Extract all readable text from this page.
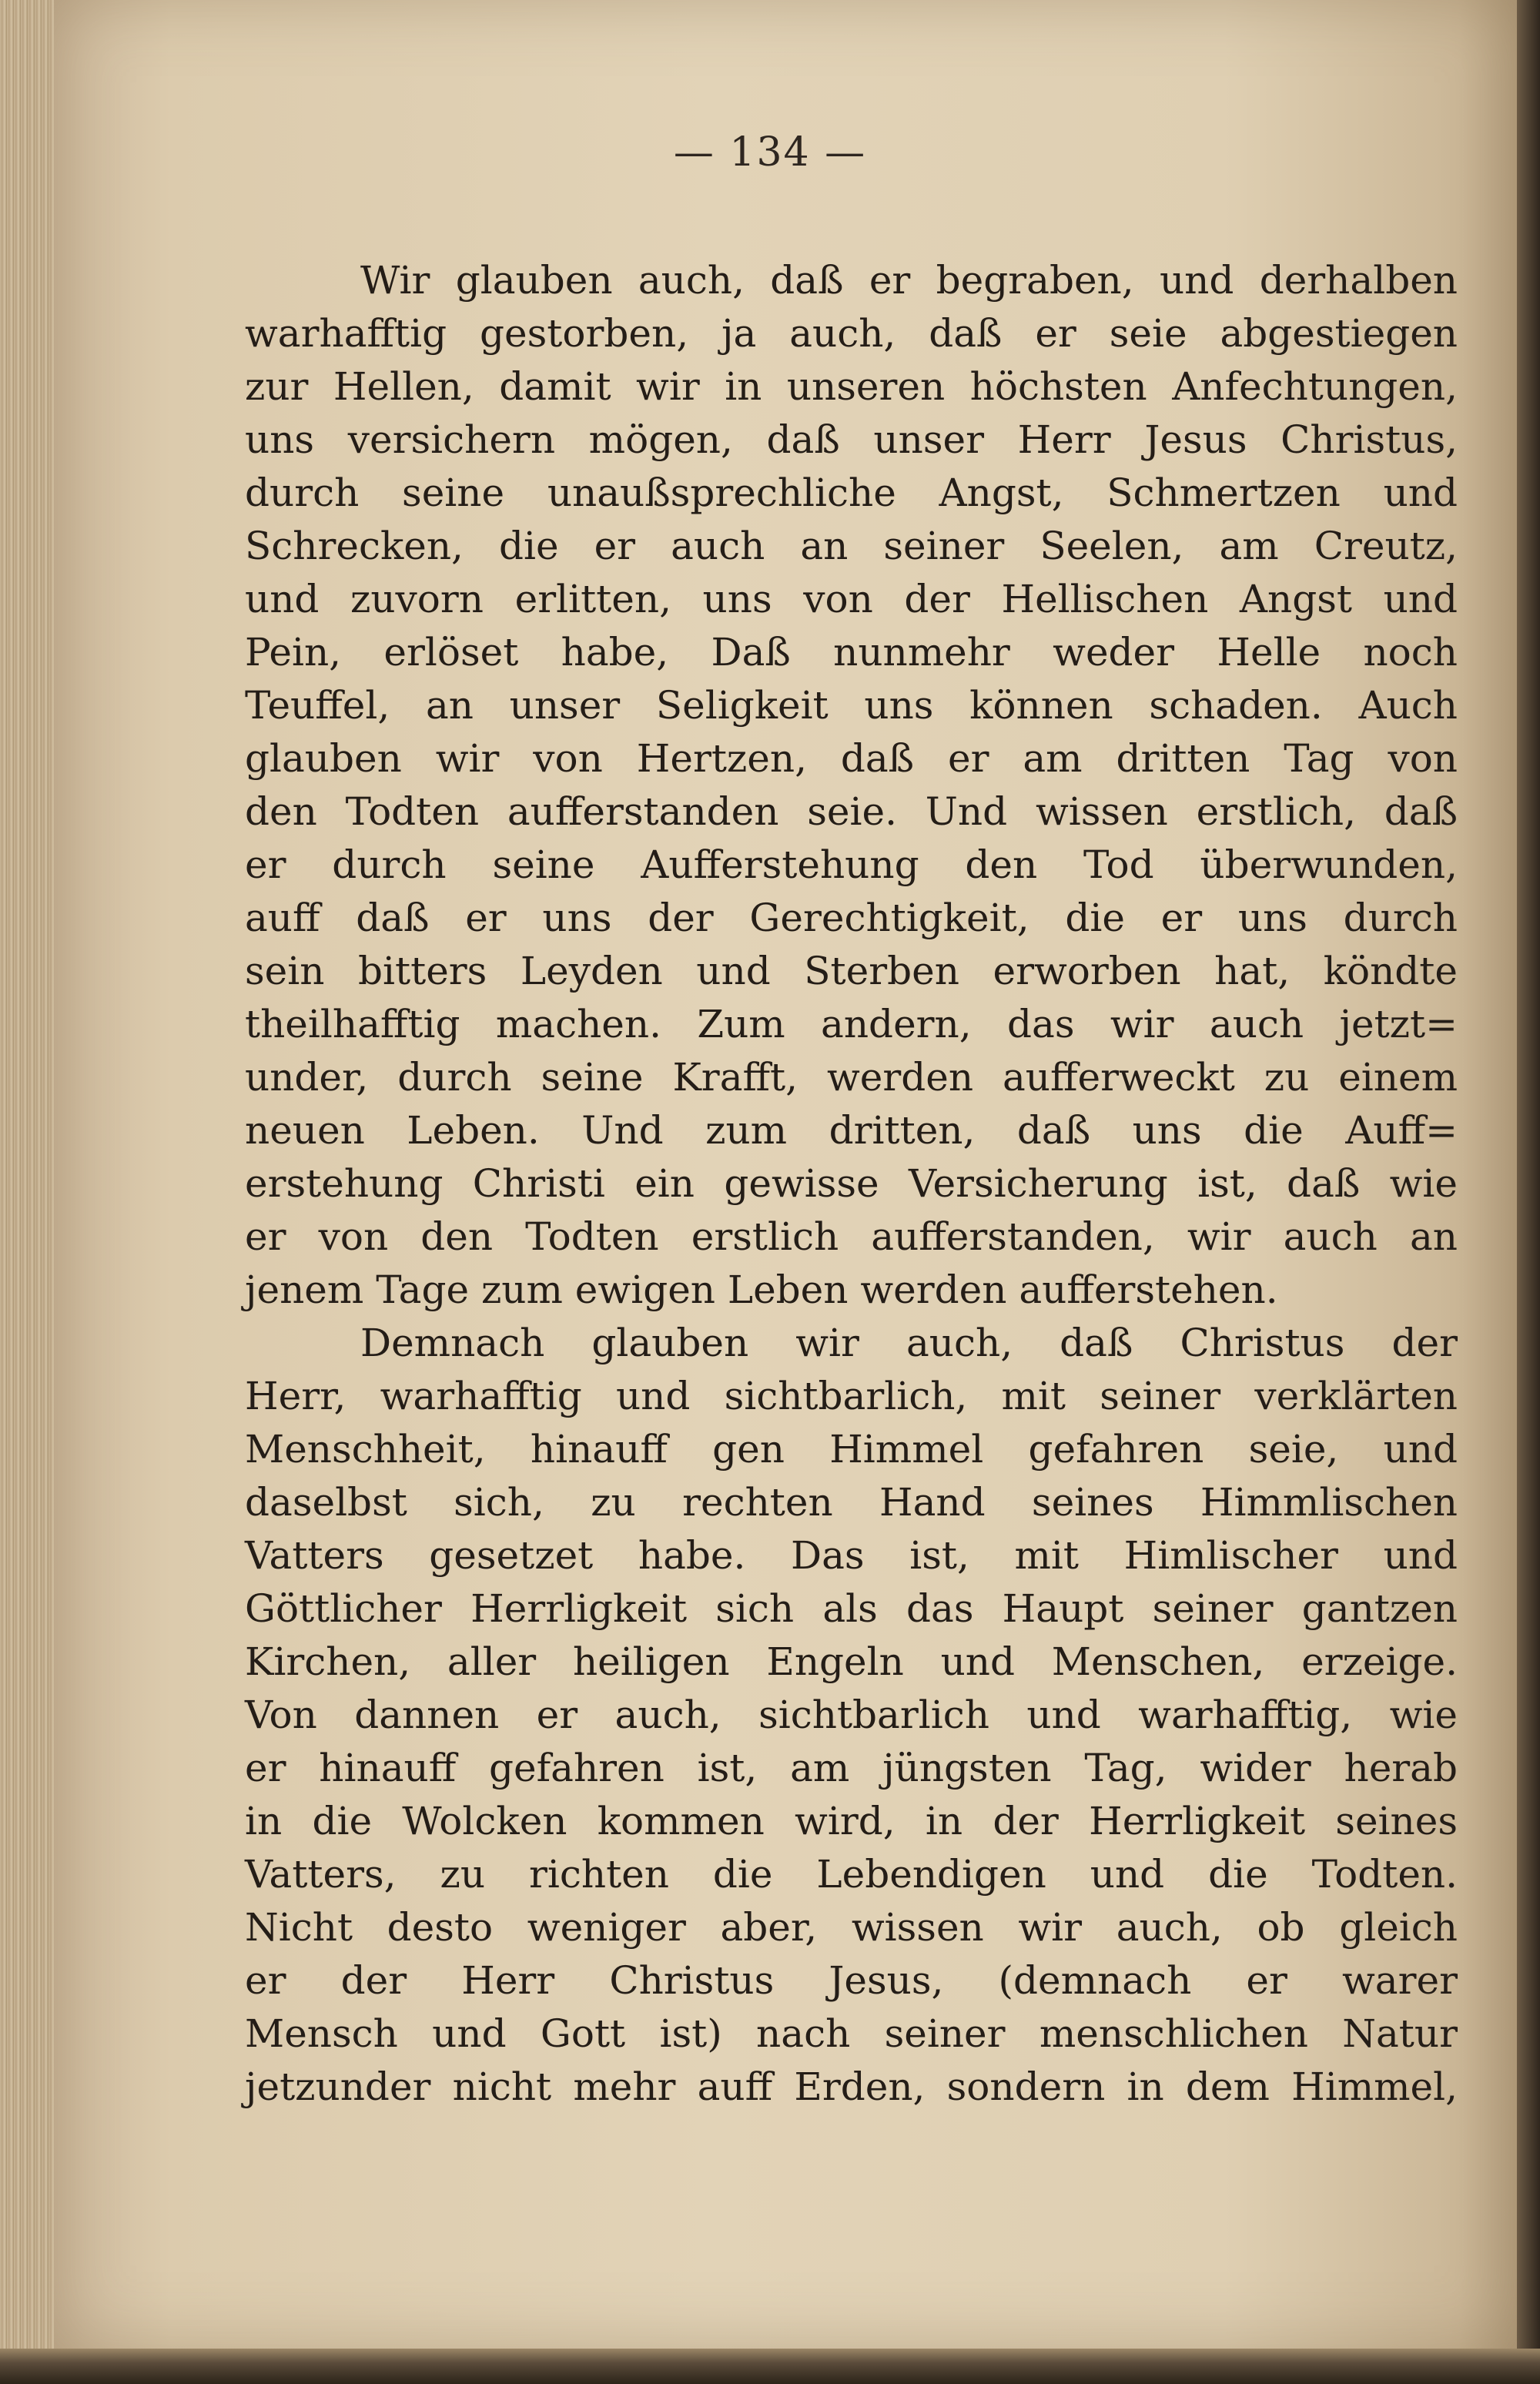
— 134 —
Wir glauben auch, daß er begraben, und derhalben
warhafftig gestorben, ja auch, daß er seie abgestiegen
zur Hellen, damit wir in unseren höchsten Anfechtungen,
uns versichern mögen, daß unser Herr Jesus Christus,
durch seine unaußsprechliche Angst, Schmertzen und
Schrecken, die er auch an seiner Seelen, am Creutz,
und zuvorn erlitten, uns von der Hellischen Angst und
Pein, erlöset habe, Daß nunmehr weder Helle noch
Teuffel, an unser Seligkeit uns können schaden. Auch
glauben wir von Hertzen, daß er am dritten Tag von
den Todten aufferstanden seie. Und wissen erstlich, daß
er durch seine Aufferstehung den Tod überwunden,
auff daß er uns der Gerechtigkeit, die er uns durch
sein bitters Leyden und Sterben erworben hat, köndte
theilhafftig machen. Zum andern, das wir auch jetzt=
under, durch seine Krafft, werden aufferweckt zu einem
neuen Leben. Und zum dritten, daß uns die Auff=
erstehung Christi ein gewisse Versicherung ist, daß wie
er von den Todten erstlich aufferstanden, wir auch an
jenem Tage zum ewigen Leben werden aufferstehen.
Demnach glauben wir auch, daß Christus der
Herr, warhafftig und sichtbarlich, mit seiner verklärten
Menschheit, hinauff gen Himmel gefahren seie, und
daselbst sich, zu rechten Hand seines Himmlischen
Vatters gesetzet habe. Das ist, mit Himlischer und
Göttlicher Herrligkeit sich als das Haupt seiner gantzen
Kirchen, aller heiligen Engeln und Menschen, erzeige.
Von dannen er auch, sichtbarlich und warhafftig, wie
er hinauff gefahren ist, am jüngsten Tag, wider herab
in die Wolcken kommen wird, in der Herrligkeit seines
Vatters, zu richten die Lebendigen und die Todten.
Nicht desto weniger aber, wissen wir auch, ob gleich
er der Herr Christus Jesus, (demnach er warer
Mensch und Gott ist) nach seiner menschlichen Natur
jetzunder nicht mehr auff Erden, sondern in dem Himmel,
